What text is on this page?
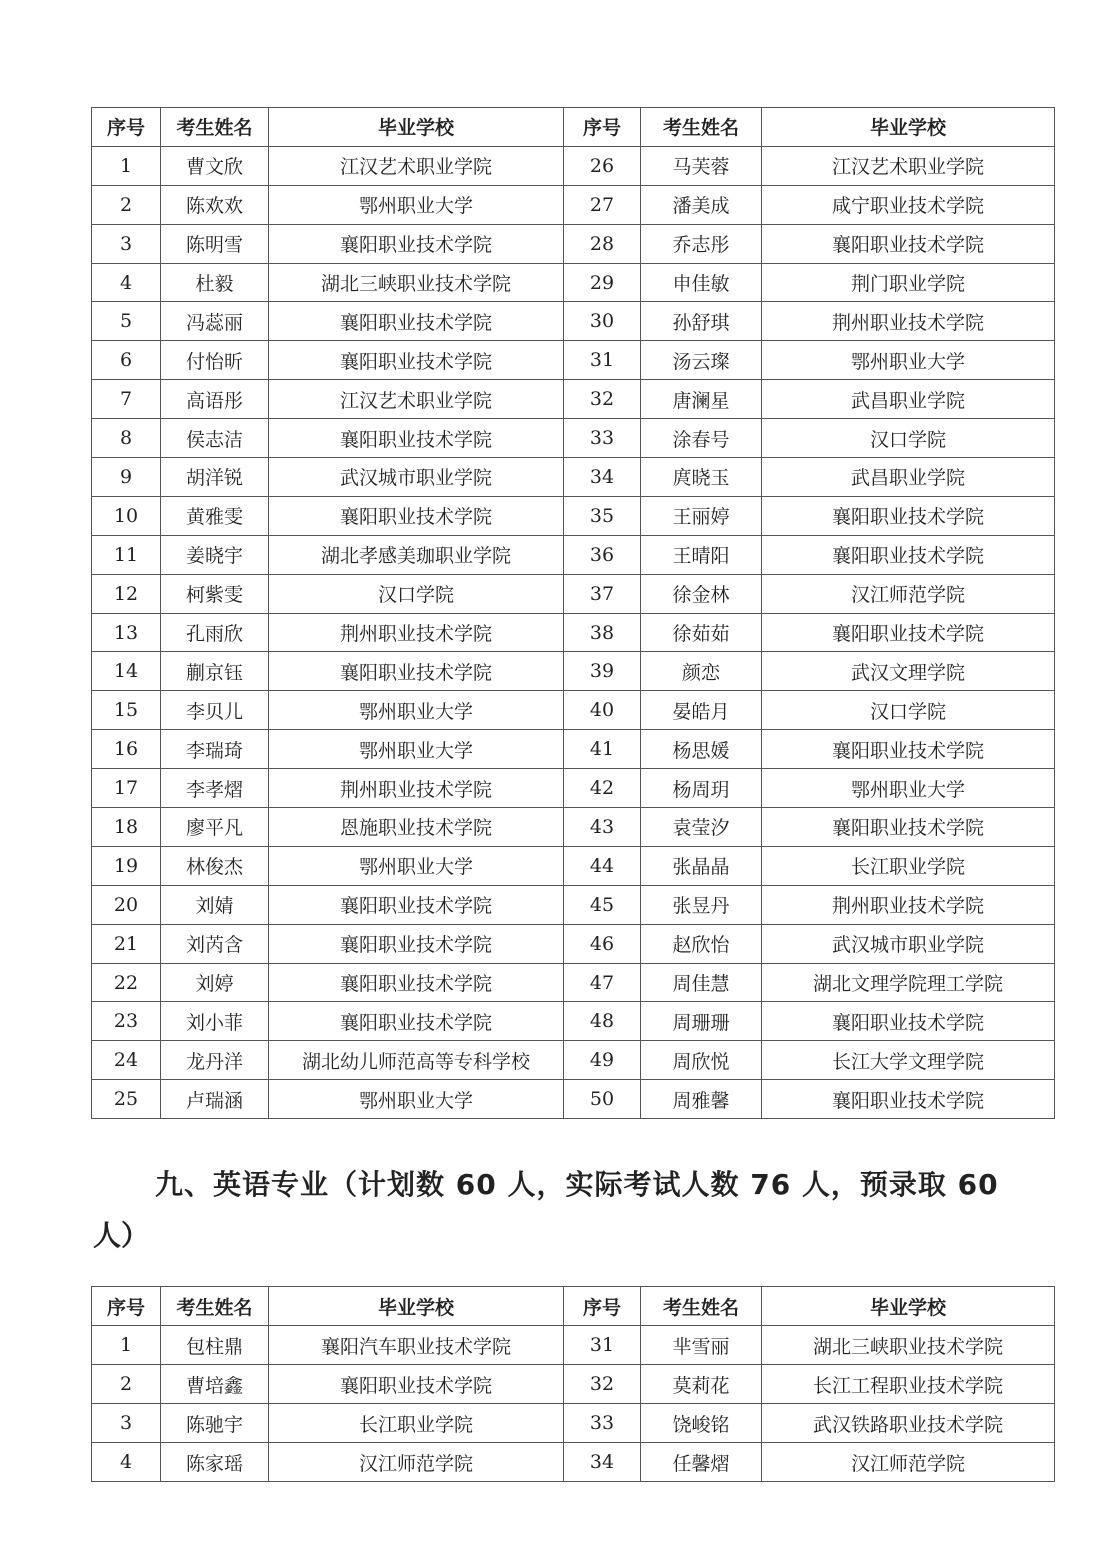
序号	考生姓名	毕业学校	序号	考生姓名	毕业学校
1	曹文欣	江汉艺术职业学院	26	马芙蓉	江汉艺术职业学院
2	陈欢欢	鄂州职业大学	27	潘美成	咸宁职业技术学院
3	陈明雪	襄阳职业技术学院	28	乔志彤	襄阳职业技术学院
4	杜毅	湖北三峡职业技术学院	29	申佳敏	荆门职业学院
5	冯蕊丽	襄阳职业技术学院	30	孙舒琪	荆州职业技术学院
6	付怡昕	襄阳职业技术学院	31	汤云璨	鄂州职业大学
7	高语彤	江汉艺术职业学院	32	唐澜星	武昌职业学院
8	侯志洁	襄阳职业技术学院	33	涂春号	汉口学院
9	胡洋锐	武汉城市职业学院	34	庹晓玉	武昌职业学院
10	黄雅雯	襄阳职业技术学院	35	王丽婷	襄阳职业技术学院
11	姜晓宇	湖北孝感美珈职业学院	36	王晴阳	襄阳职业技术学院
12	柯紫雯	汉口学院	37	徐金林	汉江师范学院
13	孔雨欣	荆州职业技术学院	38	徐茹茹	襄阳职业技术学院
14	蒯京钰	襄阳职业技术学院	39	颜恋	武汉文理学院
15	李贝儿	鄂州职业大学	40	晏皓月	汉口学院
16	李瑞琦	鄂州职业大学	41	杨思媛	襄阳职业技术学院
17	李孝熠	荆州职业技术学院	42	杨周玥	鄂州职业大学
18	廖平凡	恩施职业技术学院	43	袁莹汐	襄阳职业技术学院
19	林俊杰	鄂州职业大学	44	张晶晶	长江职业学院
20	刘婧	襄阳职业技术学院	45	张昱丹	荆州职业技术学院
21	刘芮含	襄阳职业技术学院	46	赵欣怡	武汉城市职业学院
22	刘婷	襄阳职业技术学院	47	周佳慧	湖北文理学院理工学院
23	刘小菲	襄阳职业技术学院	48	周珊珊	襄阳职业技术学院
24	龙丹洋	湖北幼儿师范高等专科学校	49	周欣悦	长江大学文理学院
25	卢瑞涵	鄂州职业大学	50	周雅馨	襄阳职业技术学院
九、英语专业（计划数 60 人，实际考试人数 76 人，预录取 60
人）
序号	考生姓名	毕业学校	序号	考生姓名	毕业学校
1	包柱鼎	襄阳汽车职业技术学院	31	芈雪丽	湖北三峡职业技术学院
2	曹培鑫	襄阳职业技术学院	32	莫莉花	长江工程职业技术学院
3	陈驰宇	长江职业学院	33	饶峻铭	武汉铁路职业技术学院
4	陈家瑶	汉江师范学院	34	任馨熠	汉江师范学院
